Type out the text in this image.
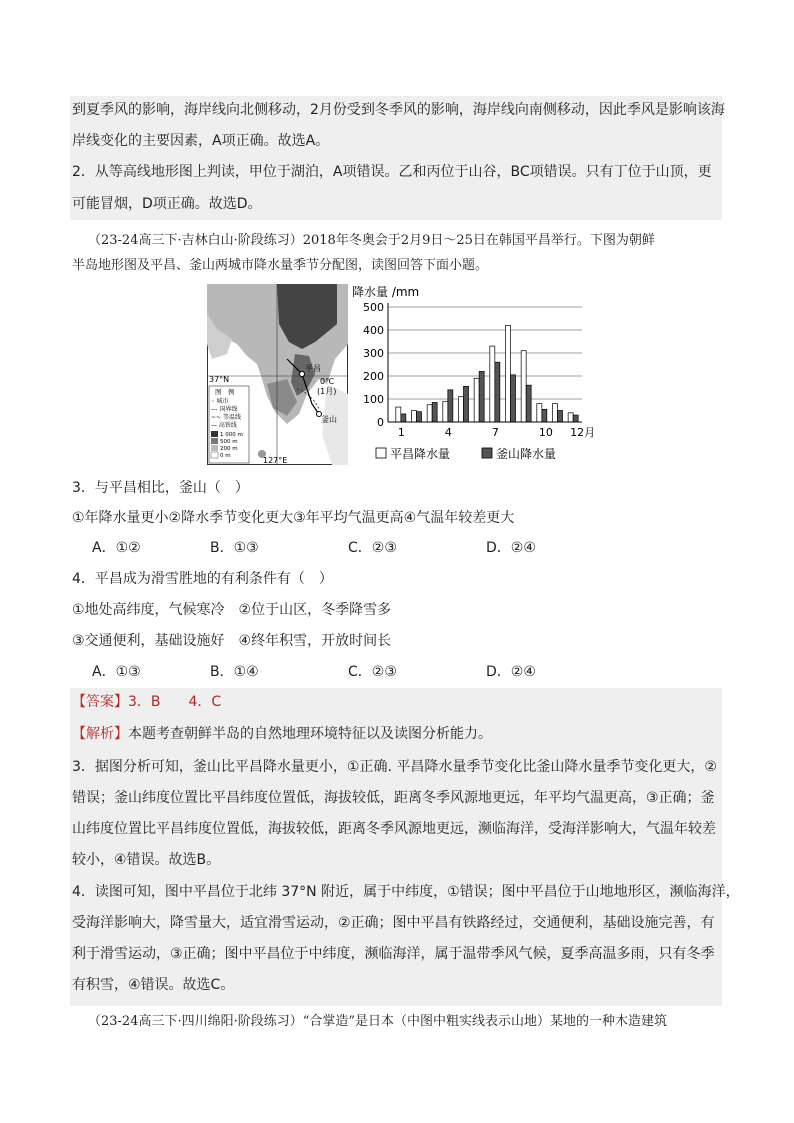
到夏季风的影响，海岸线向北侧移动，2月份受到冬季风的影响，海岸线向南侧移动，因此季风是影响该海
岸线变化的主要因素，A项正确。故选A。
2．从等高线地形图上判读，甲位于湖泊，A项错误。乙和丙位于山谷，BC项错误。只有丁位于山顶，更
可能冒烟，D项正确。故选D。
（23-24高三下·吉林白山·阶段练习）2018年冬奥会于2月9日～25日在韩国平昌举行。下图为朝鲜
半岛地形图及平昌、釜山两城市降水量季节分配图，读图回答下面小题。
37°N
127°E
0℃
(1月)
平昌
釜山
图　例
◦ 城市
--- 国界线
~~ 等温线
— 高铁线
1 000 m
500 m
200 m
0 m
降水量 /mm
0
100
200
300
400
500
1	4	7	10 12月
平昌降水量	釜山降水量
3．与平昌相比，釜山（　）
①年降水量更小②降水季节变化更大③年平均气温更高④气温年较差更大
A．①②	B．①③	C．②③	D．②④
4．平昌成为滑雪胜地的有利条件有（　）
①地处高纬度，气候寒冷　②位于山区，冬季降雪多
③交通便利，基础设施好　④终年积雪，开放时间长
A．①③	B．①④	C．②③	D．②④
【答案】3．B　　4．C
【解析】本题考查朝鲜半岛的自然地理环境特征以及读图分析能力。
3．据图分析可知，釜山比平昌降水量更小，①正确. 平昌降水量季节变化比釜山降水量季节变化更大，②
错误；釜山纬度位置比平昌纬度位置低，海拔较低，距离冬季风源地更远，年平均气温更高，③正确；釜
山纬度位置比平昌纬度位置低，海拔较低，距离冬季风源地更远，濒临海洋，受海洋影响大，气温年较差
较小，④错误。故选B。
4．读图可知，图中平昌位于北纬 37°N 附近，属于中纬度，①错误；图中平昌位于山地地形区，濒临海洋，
受海洋影响大，降雪量大，适宜滑雪运动，②正确；图中平昌有铁路经过，交通便利，基础设施完善，有
利于滑雪运动，③正确；图中平昌位于中纬度，濒临海洋，属于温带季风气候，夏季高温多雨，只有冬季
有积雪，④错误。故选C。
（23-24高三下·四川绵阳·阶段练习）“合掌造”是日本（中图中粗实线表示山地）某地的一种木造建筑
